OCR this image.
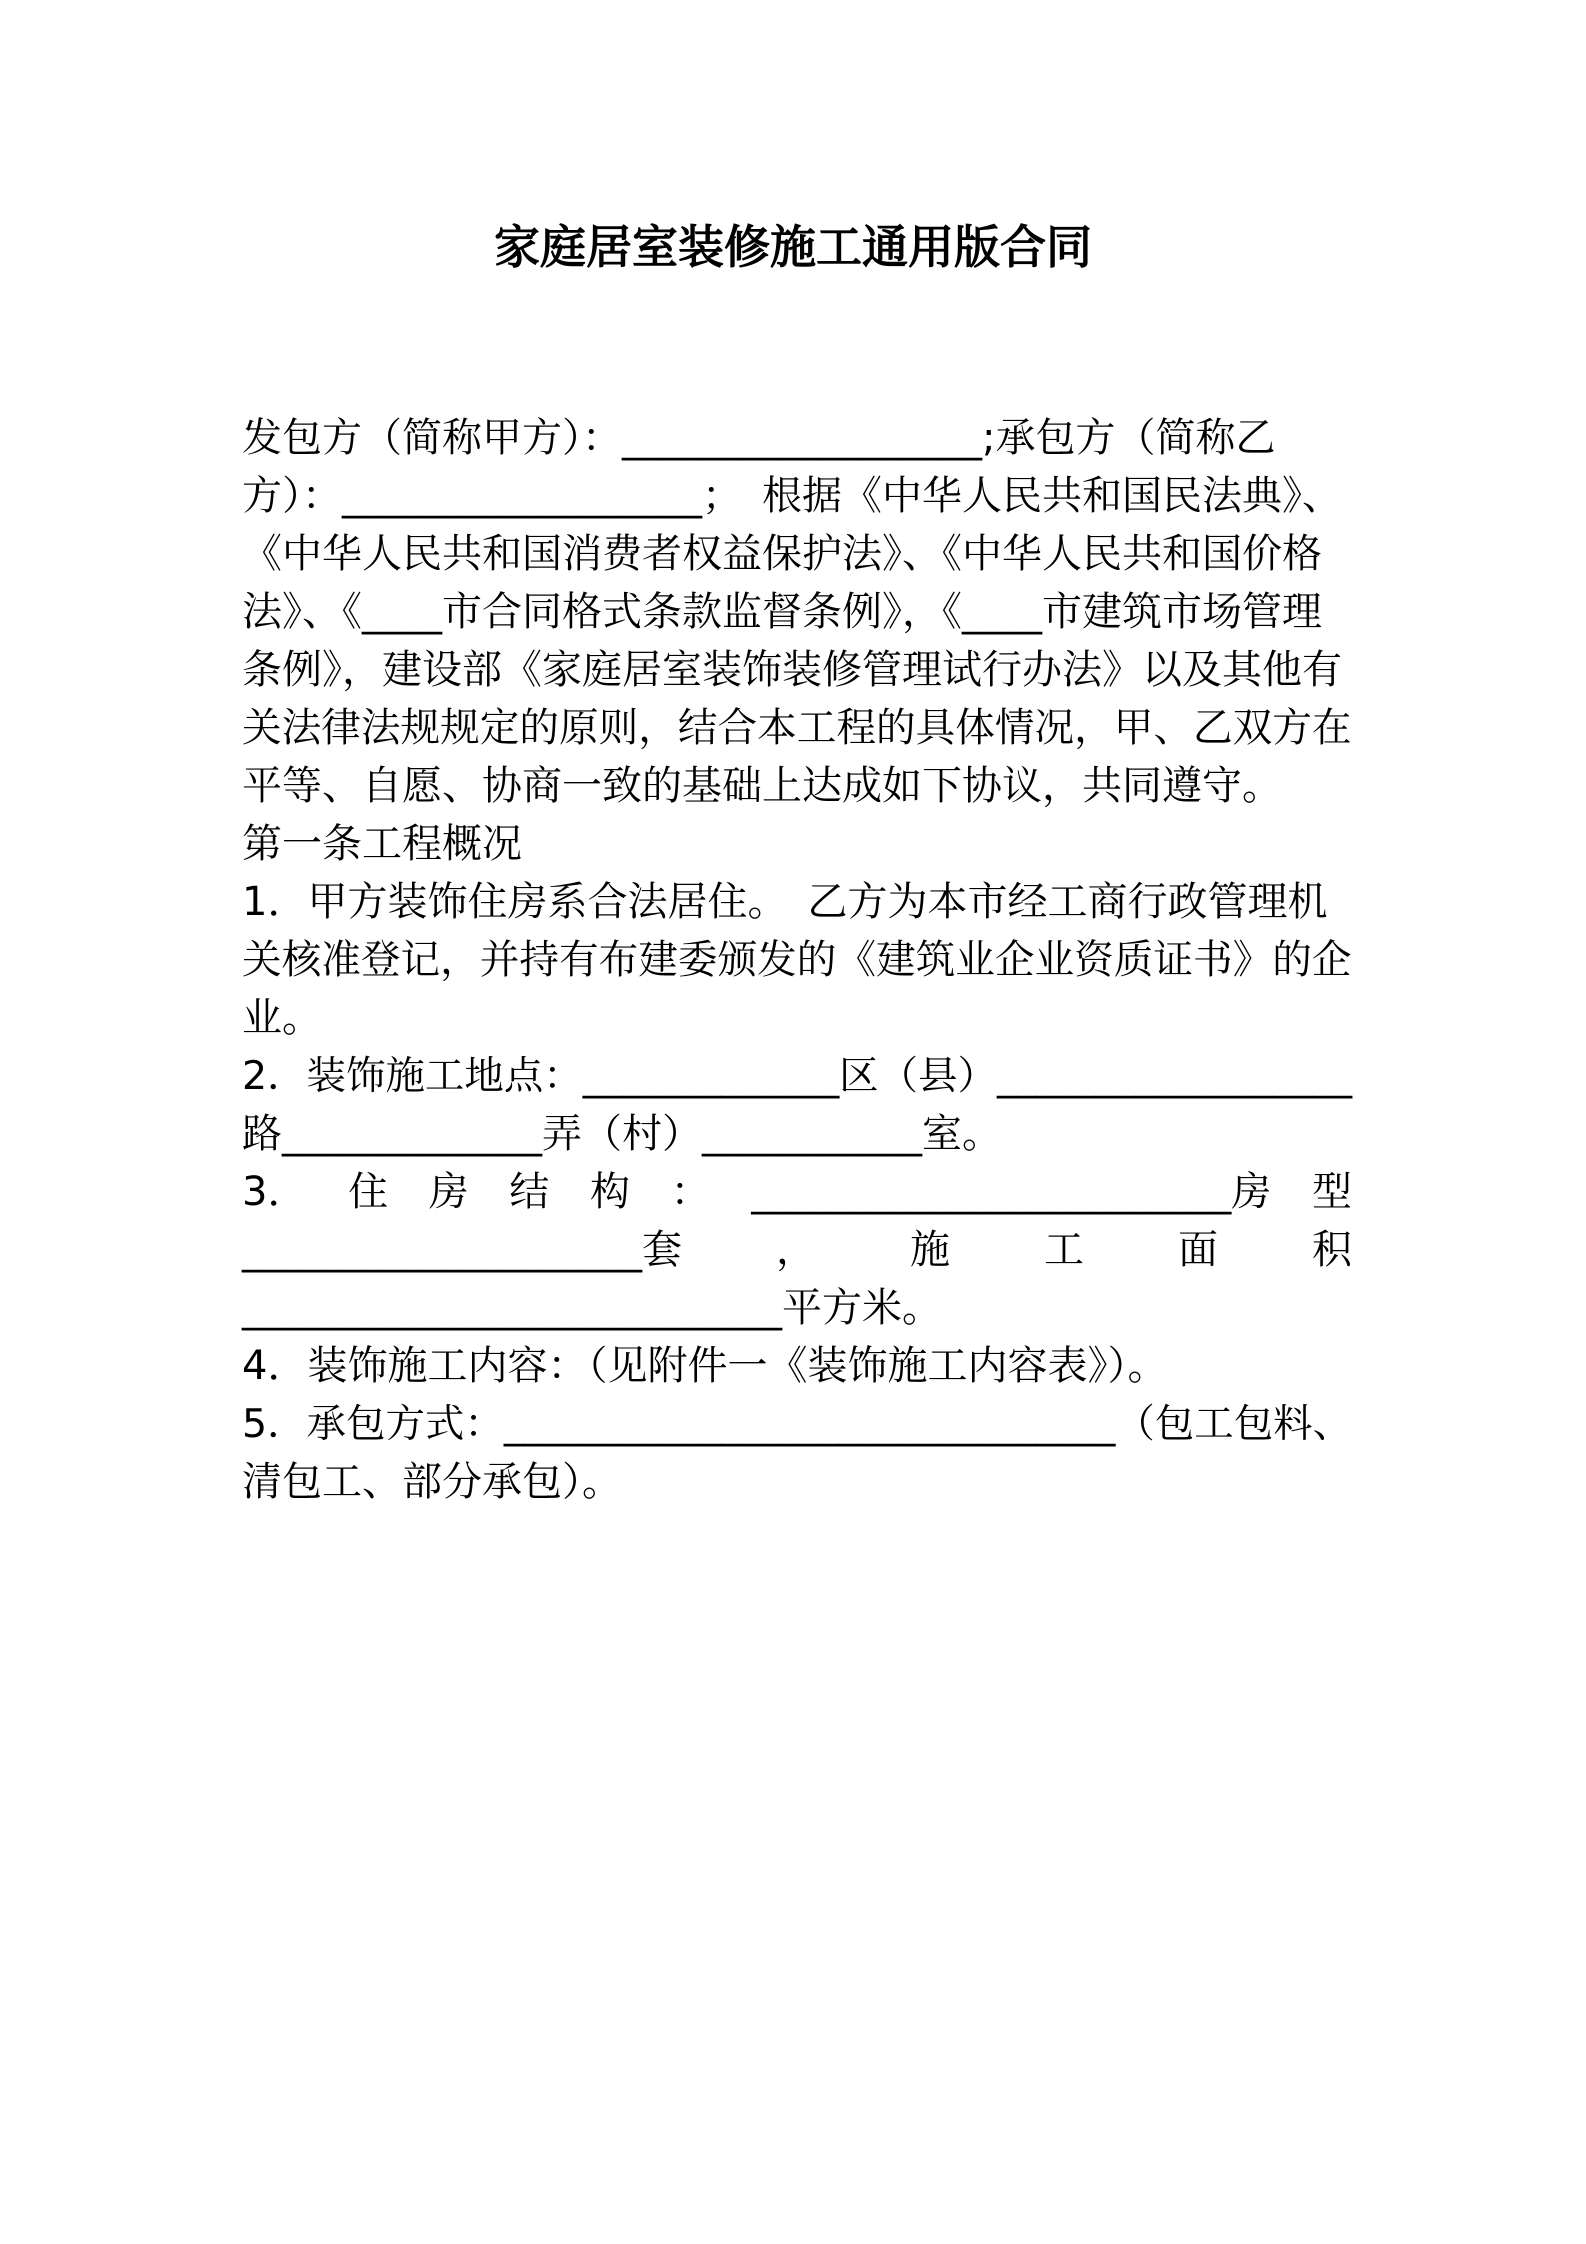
家庭居室装修施工通用版合同

发包方（简称甲方）：__________________;承包方（简称乙

方）：__________________；　根据《中华人民共和国民法典》、

《中华人民共和国消费者权益保护法》、《中华人民共和国价格

法》、《____市合同格式条款监督条例》，《____市建筑市场管理

条例》，建设部《家庭居室装饰装修管理试行办法》以及其他有

关法律法规规定的原则，结合本工程的具体情况，甲、乙双方在

平等、自愿、协商一致的基础上达成如下协议，共同遵守。

第一条工程概况

1．甲方装饰住房系合法居住。　乙方为本市经工商行政管理机

关核准登记，并持有布建委颁发的《建筑业企业资质证书》的企

业。

2．装饰施工地点：_____________区（县）__________________

路_____________弄（村）___________室。

3． 住 房 结 构 ： ________________________房 型
____________________套 ， 施 工 面 积

___________________________平方米。

4．装饰施工内容：（见附件一《装饰施工内容表》）。

5．承包方式：_______________________________（包工包料、

清包工、部分承包）。
